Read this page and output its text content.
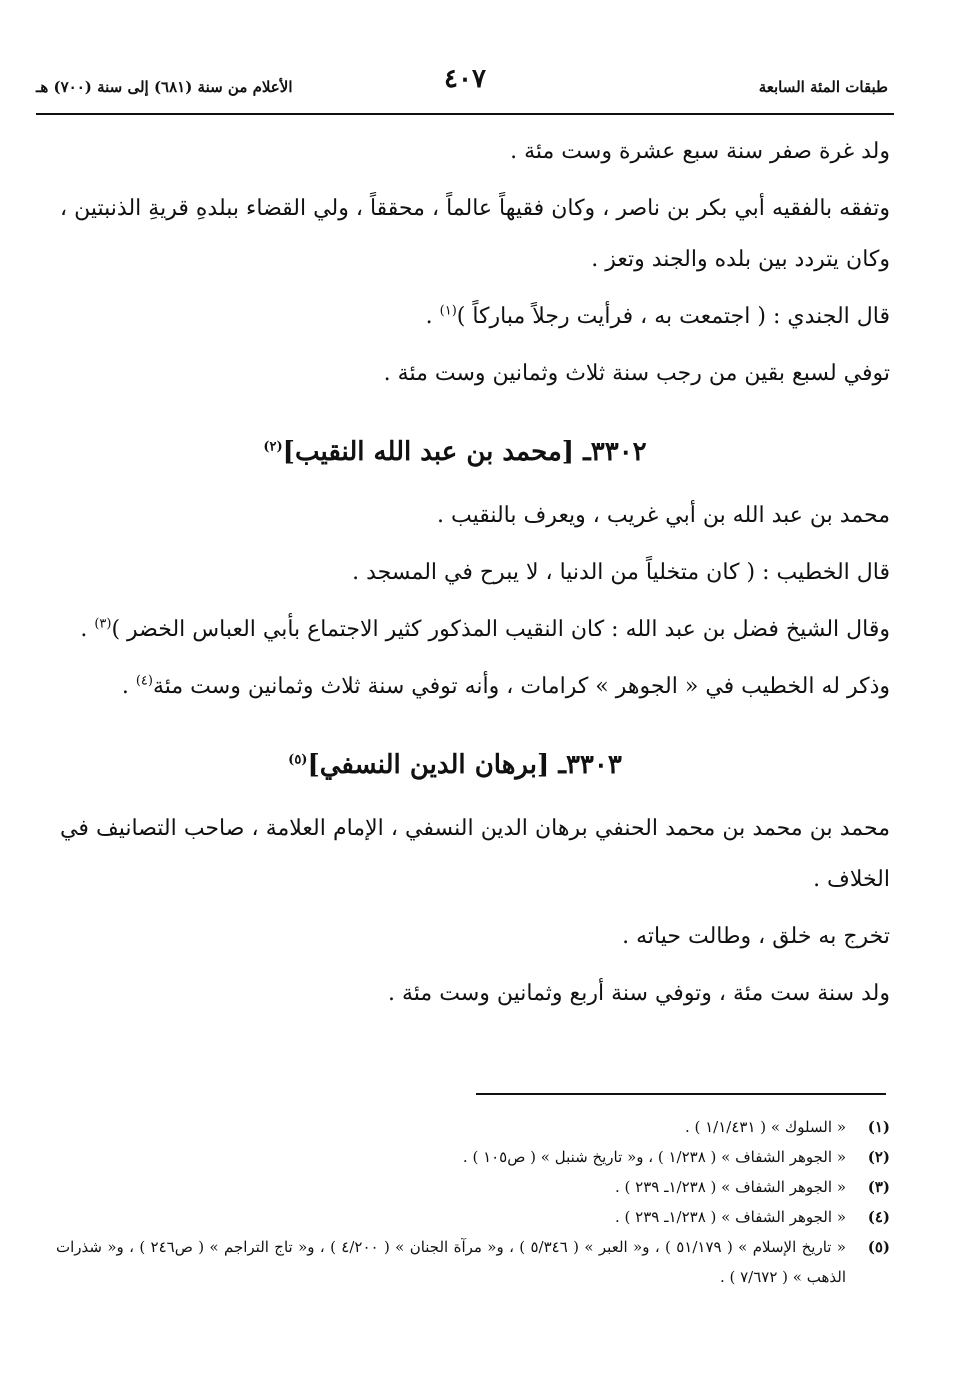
طبقات المئة السابعة
٤٠٧
الأعلام من سنة (٦٨١) إلى سنة (٧٠٠) هـ

ولد غرة صفر سنة سبع عشرة وست مئة .

وتفقه بالفقيه أبي بكر بن ناصر ، وكان فقيهاً عالماً ، محققاً ، ولي القضاء ببلدهِ قريةِ الذنبتين ، وكان يتردد بين بلده والجند وتعز .

قال الجندي : ( اجتمعت به ، فرأيت رجلاً مباركاً )$^{(١)}$ .

توفي لسبع بقين من رجب سنة ثلاث وثمانين وست مئة .

٣٣٠٢ـ [محمد بن عبد الله النقيب]$^{(٢)}$

محمد بن عبد الله بن أبي غريب ، ويعرف بالنقيب .

قال الخطيب : ( كان متخلياً من الدنيا ، لا يبرح في المسجد .

وقال الشيخ فضل بن عبد الله : كان النقيب المذكور كثير الاجتماع بأبي العباس الخضر )$^{(٣)}$ .

وذكر له الخطيب في « الجوهر » كرامات ، وأنه توفي سنة ثلاث وثمانين وست مئة$^{(٤)}$ .

٣٣٠٣ـ [برهان الدين النسفي]$^{(٥)}$

محمد بن محمد بن محمد الحنفي برهان الدين النسفي ، الإمام العلامة ، صاحب التصانيف في الخلاف .

تخرج به خلق ، وطالت حياته .

ولد سنة ست مئة ، وتوفي سنة أربع وثمانين وست مئة .

(١)
« السلوك » ( ١/١/٤٣١ ) .
(٢)
« الجوهر الشفاف » ( ١/٢٣٨ ) ، و« تاريخ شنبل » ( ص١٠٥ ) .
(٣)
« الجوهر الشفاف » ( ١/٢٣٨ـ ٢٣٩ ) .
(٤)
« الجوهر الشفاف » ( ١/٢٣٨ـ ٢٣٩ ) .
(٥)
« تاريخ الإسلام » ( ٥١/١٧٩ ) ، و« العبر » ( ٥/٣٤٦ ) ، و« مرآة الجنان » ( ٤/٢٠٠ ) ، و« تاج التراجم » ( ص٢٤٦ ) ، و« شذرات الذهب » ( ٧/٦٧٢ ) .
